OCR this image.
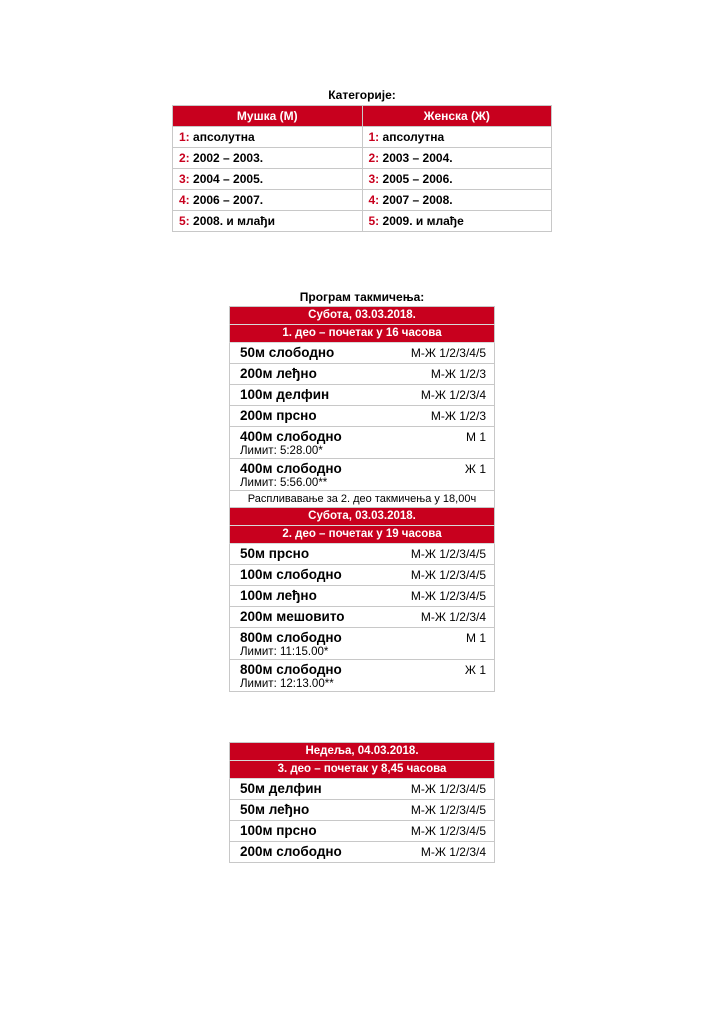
Категорије:
Мушка (М)	Женска (Ж)
1: апсолутна	1: апсолутна
2: 2002 – 2003.	2: 2003 – 2004.
3: 2004 – 2005.	3: 2005 – 2006.
4: 2006 – 2007.	4: 2007 – 2008.
5: 2008. и млађи	5: 2009. и млађе
Програм такмичења:
Субота, 03.03.2018.	
1. део – почетак у 16 часова	
50м слободно	М-Ж 1/2/3/4/5
200м леђно	М-Ж 1/2/3
100м делфин	М-Ж 1/2/3/4
200м прсно	М-Ж 1/2/3
400м слободно
Лимит: 5:28.00*	М 1
400м слободно
Лимит: 5:56.00**	Ж 1
Распливавање за 2. део такмичења у 18,00ч	
Субота, 03.03.2018.	
2. део – почетак у 19 часова	
50м прсно	М-Ж 1/2/3/4/5
100м слободно	М-Ж 1/2/3/4/5
100м леђно	М-Ж 1/2/3/4/5
200м мешовито	М-Ж 1/2/3/4
800м слободно
Лимит: 11:15.00*	М 1
800м слободно
Лимит: 12:13.00**	Ж 1
Недеља, 04.03.2018.	
3. део – почетак у 8,45 часова	
50м делфин	М-Ж 1/2/3/4/5
50м леђно	М-Ж 1/2/3/4/5
100м прсно	М-Ж 1/2/3/4/5
200м слободно	М-Ж 1/2/3/4
